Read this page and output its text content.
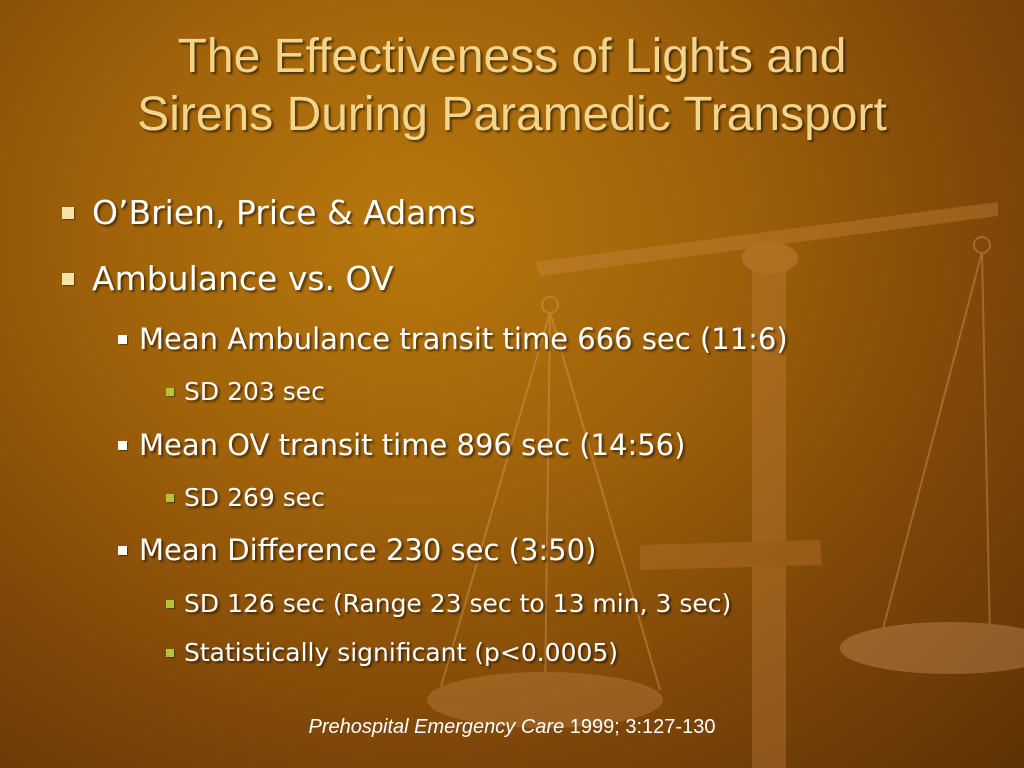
The Effectiveness of Lights and
Sirens During Paramedic Transport
O’Brien, Price & Adams
Ambulance vs. OV
Mean Ambulance transit time 666 sec (11:6)
SD 203 sec
Mean OV transit time 896 sec (14:56)
SD 269 sec
Mean Difference 230 sec (3:50)
SD 126 sec (Range 23 sec to 13 min, 3 sec)
Statistically significant (p<0.0005)
Prehospital Emergency Care 1999; 3:127-130
